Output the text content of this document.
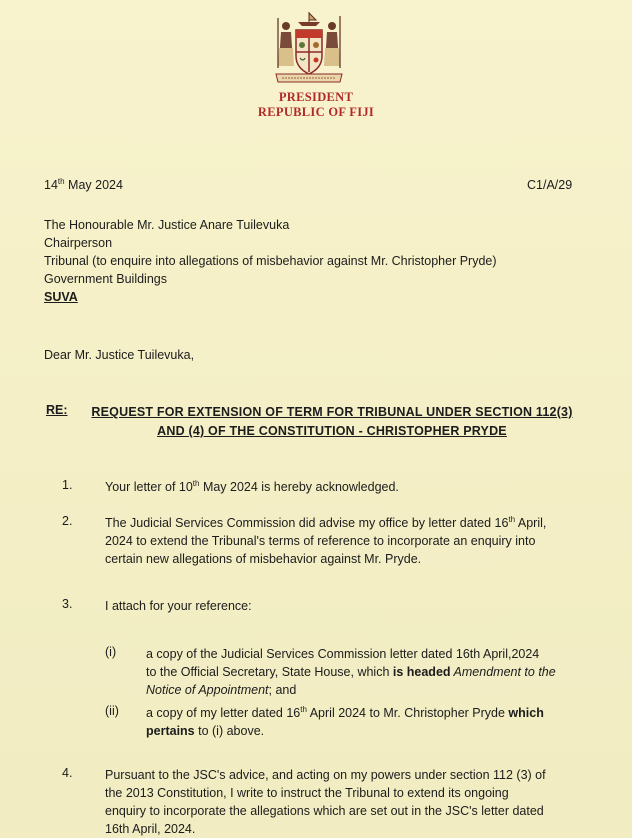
PRESIDENT
REPUBLIC OF FIJI
14th May 2024	C1/A/29
The Honourable Mr. Justice Anare Tuilevuka
Chairperson
Tribunal (to enquire into allegations of misbehavior against Mr. Christopher Pryde)
Government Buildings
SUVA
Dear Mr. Justice Tuilevuka,
RE: REQUEST FOR EXTENSION OF TERM FOR TRIBUNAL UNDER SECTION 112(3)
AND (4) OF THE CONSTITUTION - CHRISTOPHER PRYDE
1.	Your letter of 10th May 2024 is hereby acknowledged.
2.	The Judicial Services Commission did advise my office by letter dated 16th April,
2024 to extend the Tribunal's terms of reference to incorporate an enquiry into
certain new allegations of misbehavior against Mr. Pryde.
3.	I attach for your reference:
(i) a copy of the Judicial Services Commission letter dated 16th April,2024
to the Official Secretary, State House, which is headed Amendment to the
Notice of Appointment; and
(ii) a copy of my letter dated 16th April 2024 to Mr. Christopher Pryde which
pertains to (i) above.
4.	Pursuant to the JSC's advice, and acting on my powers under section 112 (3) of
the 2013 Constitution, I write to instruct the Tribunal to extend its ongoing
enquiry to incorporate the allegations which are set out in the JSC's letter dated
16th April, 2024.
